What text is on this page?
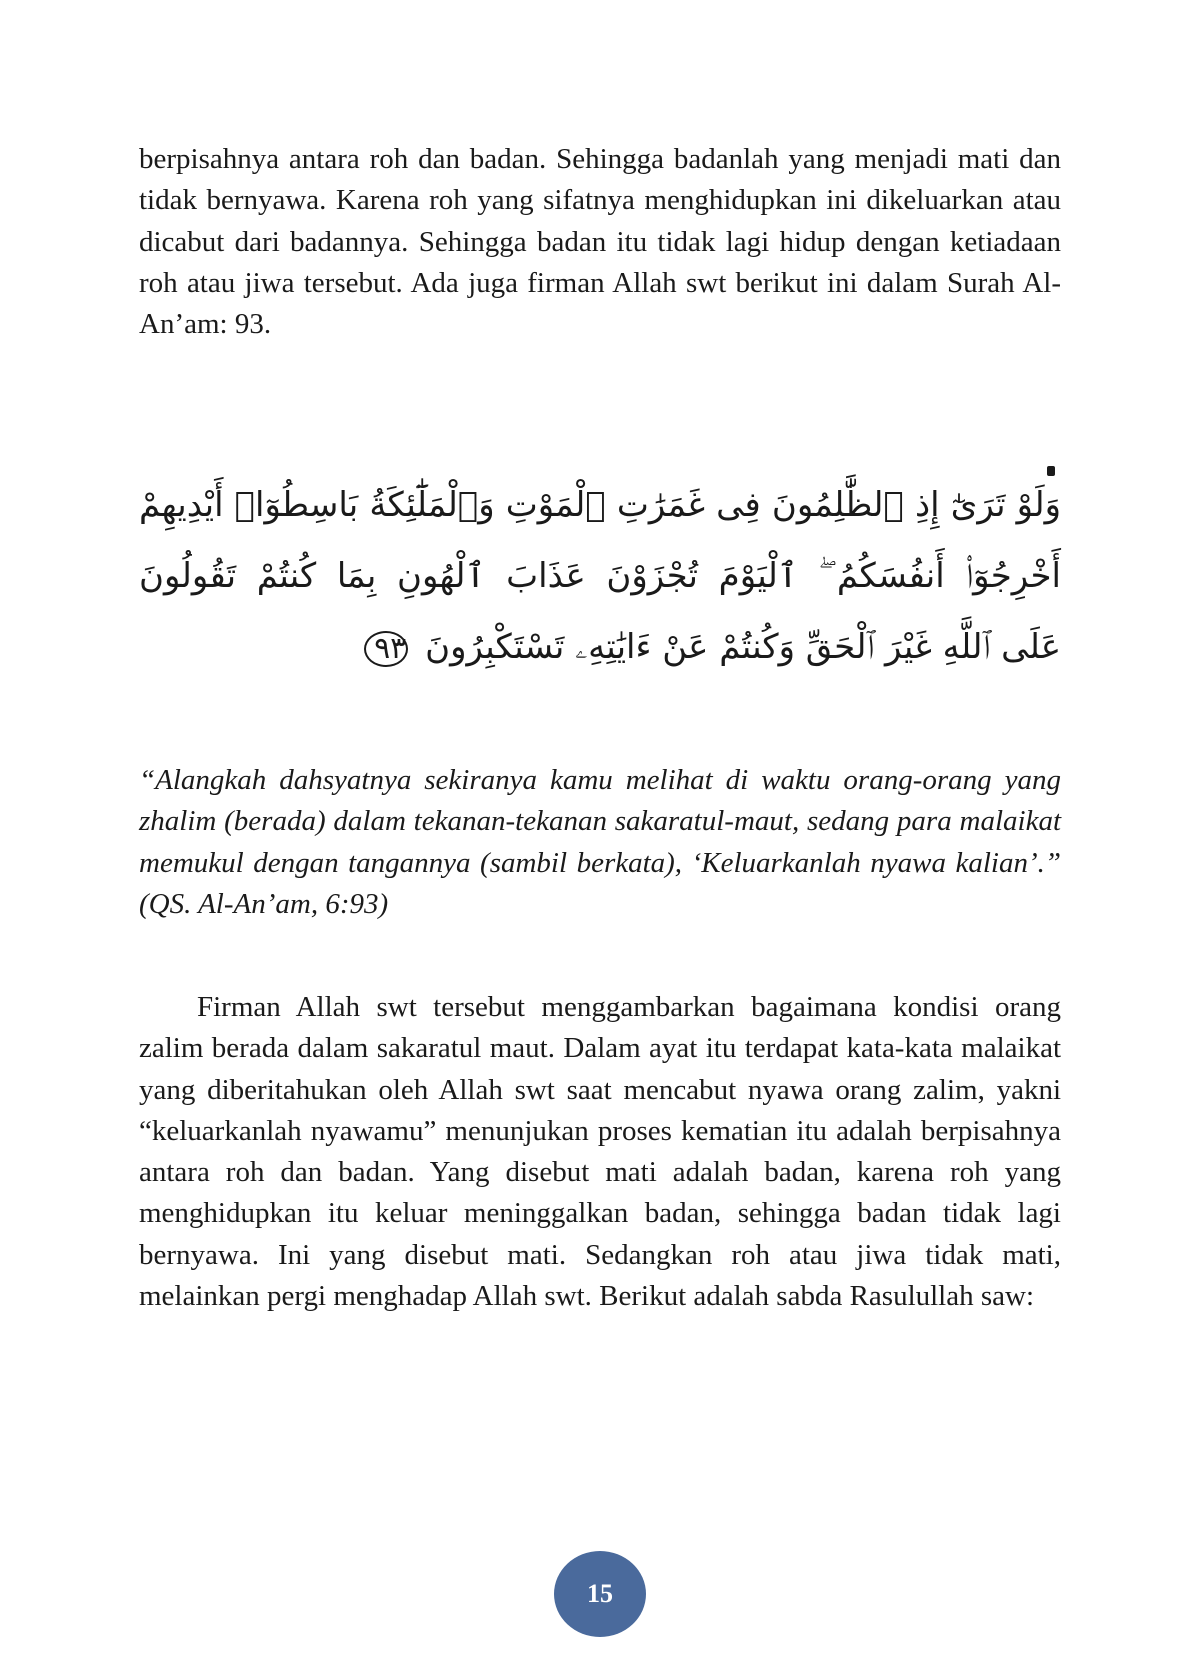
berpisahnya antara roh dan badan. Sehingga badanlah yang menjadi mati dan tidak bernyawa. Karena roh yang sifatnya menghidupkan ini dikeluarkan atau dicabut dari badannya. Sehingga badan itu tidak lagi hidup dengan ketiadaan roh atau jiwa tersebut. Ada juga firman Allah swt berikut ini dalam Surah Al-An’am: 93.

وَلَوْ تَرَىٰٓ إِذِ ٱلظَّٰلِمُونَ فِى غَمَرَٰتِ ٱلْمَوْتِ وَٱلْمَلَٰٓئِكَةُ بَاسِطُوٓا۟ أَيْدِيهِمْ
أَخْرِجُوٓا۟ أَنفُسَكُمُ ۖ ٱلْيَوْمَ تُجْزَوْنَ عَذَابَ ٱلْهُونِ بِمَا كُنتُمْ تَقُولُونَ
عَلَى ٱللَّهِ غَيْرَ ٱلْحَقِّ وَكُنتُمْ عَنْ ءَايَٰتِهِۦ تَسْتَكْبِرُونَ ٩٣

“Alangkah dahsyatnya sekiranya kamu melihat di waktu orang-orang yang zhalim (berada) dalam tekanan-tekanan sakaratul-maut, sedang para malaikat memukul dengan tangannya (sambil berkata), ‘Keluarkanlah nyawa kalian’.” (QS. Al-An’am, 6:93)

Firman Allah swt tersebut menggambarkan bagaimana kondisi orang zalim berada dalam sakaratul maut. Dalam ayat itu terdapat kata-kata malaikat yang diberitahukan oleh Allah swt saat mencabut nyawa orang zalim, yakni “keluarkanlah nyawamu” menunjukan proses kematian itu adalah berpisahnya antara roh dan badan. Yang disebut mati adalah badan, karena roh yang menghidupkan itu keluar meninggalkan badan, sehingga badan tidak lagi bernyawa. Ini yang disebut mati. Sedangkan roh atau jiwa tidak mati, melainkan pergi menghadap Allah swt. Berikut adalah sabda Rasulullah saw:

15
